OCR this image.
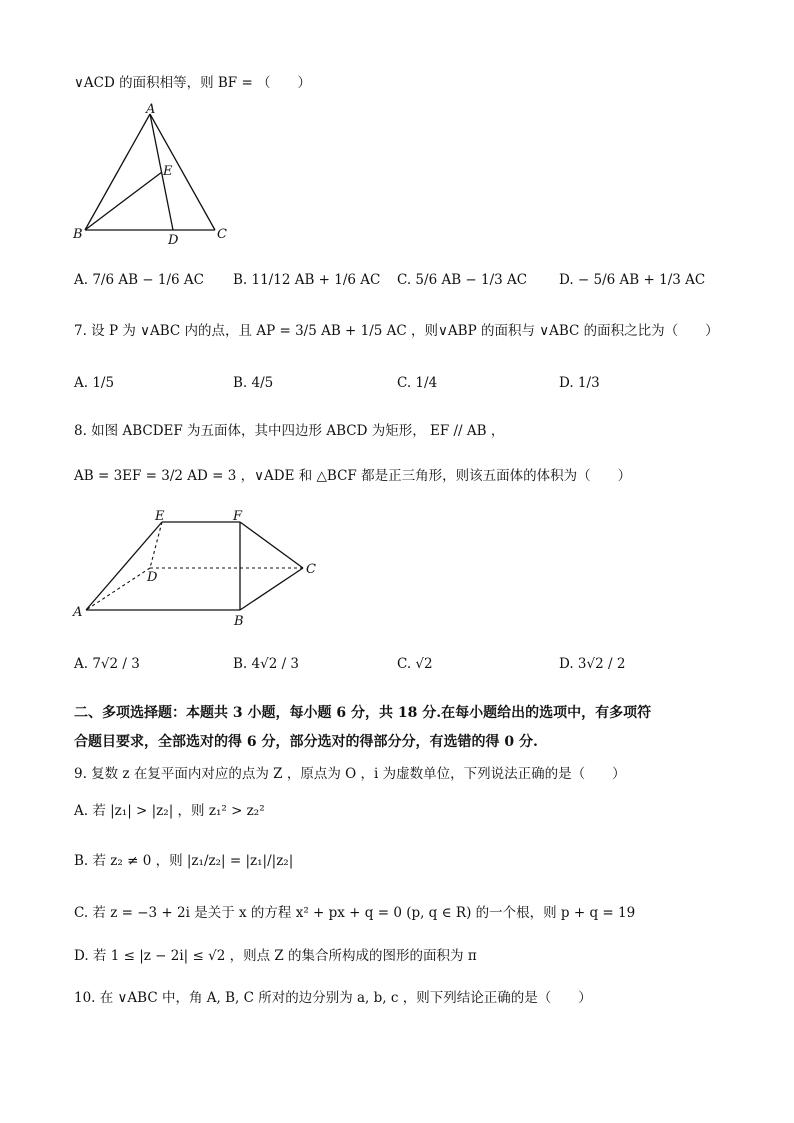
∨ACD 的面积相等，则 BF = （　　）
A
E
B	D	C
A. 7/6 AB − 1/6 AC B. 11/12 AB + 1/6 AC C. 5/6 AB − 1/3 AC D. − 5/6 AB + 1/3 AC
7. 设 P 为 ∨ABC 内的点，且 AP = 3/5 AB + 1/5 AC ，则∨ABP 的面积与 ∨ABC 的面积之比为（　　）
A. 1/5	B. 4/5	C. 1/4	D. 1/3
8. 如图 ABCDEF 为五面体，其中四边形 ABCD 为矩形， EF // AB ，
AB = 3EF = 3/2 AD = 3 ，∨ADE 和 △BCF 都是正三角形，则该五面体的体积为（　　）
E	F
D
C
A
B
A. 7√2 / 3	B. 4√2 / 3	C. √2	D. 3√2 / 2
二、多项选择题：本题共 3 小题，每小题 6 分，共 18 分.在每小题给出的选项中，有多项符
合题目要求，全部选对的得 6 分，部分选对的得部分分，有选错的得 0 分.
9. 复数 z 在复平面内对应的点为 Z ，原点为 O ，i 为虚数单位，下列说法正确的是（　　）
A. 若 |z₁| > |z₂| ，则 z₁² > z₂²
B. 若 z₂ ≠ 0 ，则 |z₁/z₂| = |z₁|/|z₂|
C. 若 z = −3 + 2i 是关于 x 的方程 x² + px + q = 0 (p, q ∈ R) 的一个根，则 p + q = 19
D. 若 1 ≤ |z − 2i| ≤ √2 ，则点 Z 的集合所构成的图形的面积为 π
10. 在 ∨ABC 中，角 A, B, C 所对的边分别为 a, b, c ，则下列结论正确的是（　　）
